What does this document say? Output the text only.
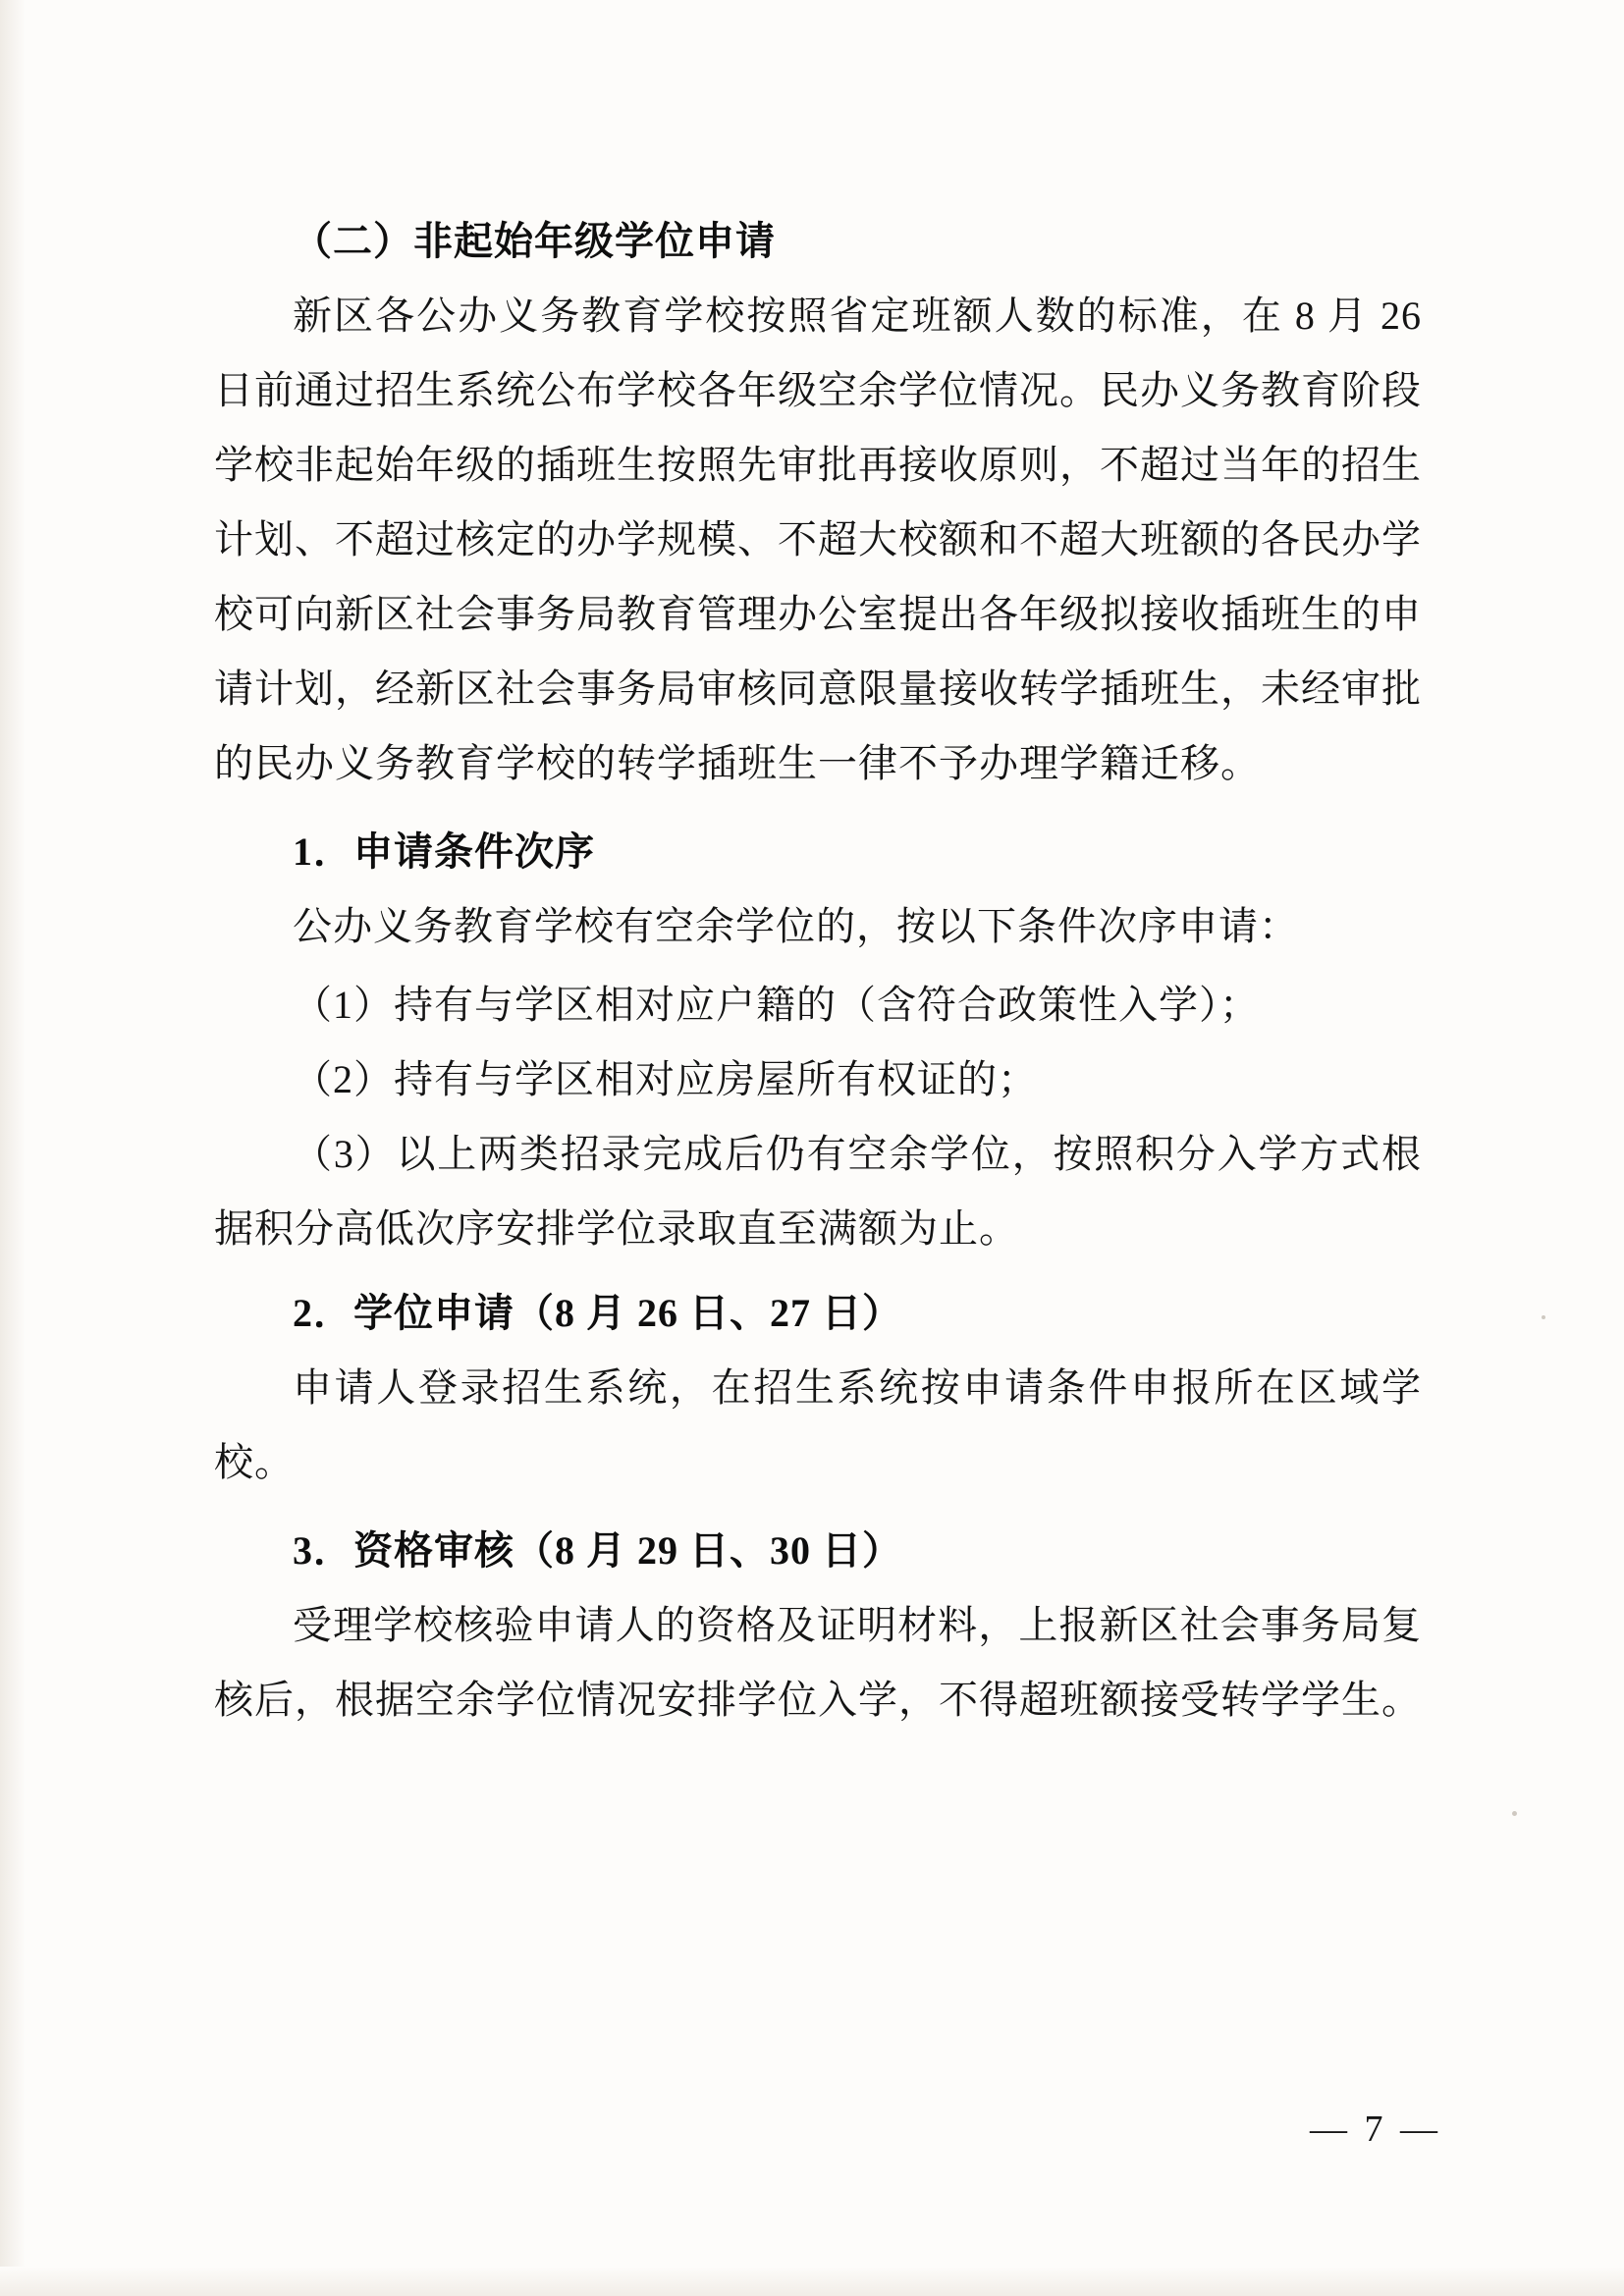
（二）非起始年级学位申请

新区各公办义务教育学校按照省定班额人数的标准，在 8 月 26 日前通过招生系统公布学校各年级空余学位情况。民办义务教育阶段学校非起始年级的插班生按照先审批再接收原则，不超过当年的招生计划、不超过核定的办学规模、不超大校额和不超大班额的各民办学校可向新区社会事务局教育管理办公室提出各年级拟接收插班生的申请计划，经新区社会事务局审核同意限量接收转学插班生，未经审批的民办义务教育学校的转学插班生一律不予办理学籍迁移。

1．申请条件次序

公办义务教育学校有空余学位的，按以下条件次序申请：

（1）持有与学区相对应户籍的（含符合政策性入学）；

（2）持有与学区相对应房屋所有权证的；

（3）以上两类招录完成后仍有空余学位，按照积分入学方式根据积分高低次序安排学位录取直至满额为止。

2．学位申请（8 月 26 日、27 日）

申请人登录招生系统，在招生系统按申请条件申报所在区域学校。

3．资格审核（8 月 29 日、30 日）

受理学校核验申请人的资格及证明材料，上报新区社会事务局复核后，根据空余学位情况安排学位入学，不得超班额接受转学学生。

— 7 —
